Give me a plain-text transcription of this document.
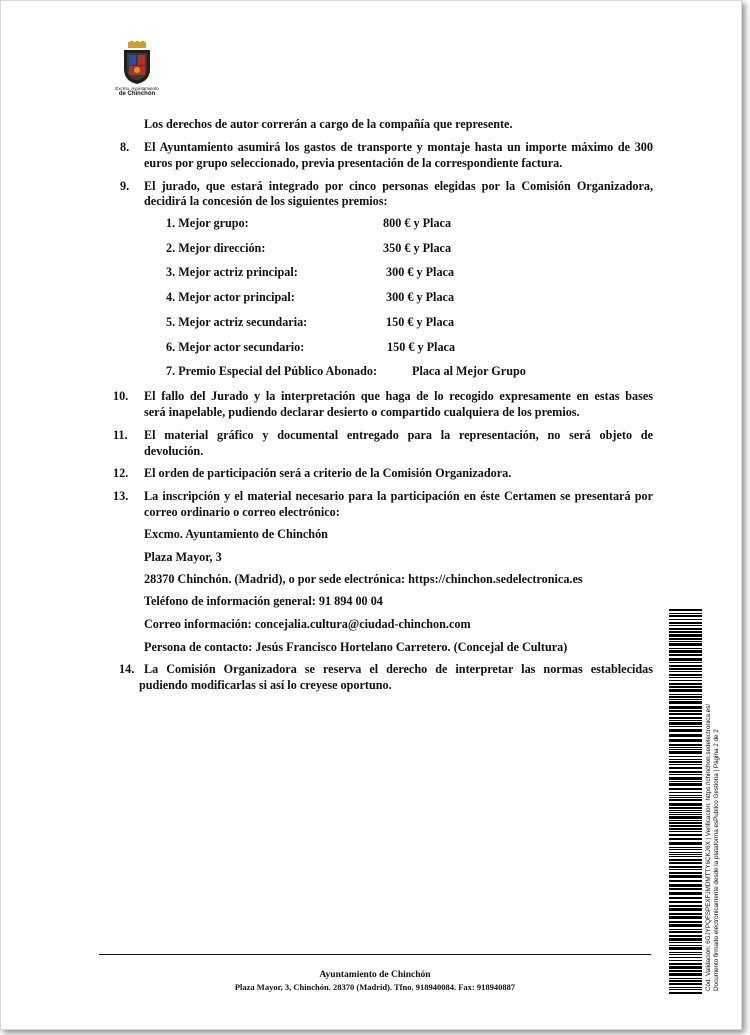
Excmo. Ayuntamiento
de Chinchón
Los derechos de autor correrán a cargo de la compañía que represente.
8. El Ayuntamiento asumirá los gastos de transporte y montaje hasta un importe máximo de 300
euros por grupo seleccionado, previa presentación de la correspondiente factura.
9. El jurado, que estará integrado por cinco personas elegidas por la Comisión Organizadora,
decidirá la concesión de los siguientes premios:
1. Mejor grupo:	800 € y Placa
2. Mejor dirección:	350 € y Placa
3. Mejor actriz principal:	300 € y Placa
4. Mejor actor principal:	300 € y Placa
5. Mejor actriz secundaria:	150 € y Placa
6. Mejor actor secundario:	150 € y Placa
7. Premio Especial del Público Abonado:	Placa al Mejor Grupo
10. El fallo del Jurado y la interpretación que haga de lo recogido expresamente en estas bases
será inapelable, pudiendo declarar desierto o compartido cualquiera de los premios.
11. El material gráfico y documental entregado para la representación, no será objeto de
devolución.
12. El orden de participación será a criterio de la Comisión Organizadora.
13. La inscripción y el material necesario para la participación en éste Certamen se presentará por
correo ordinario o correo electrónico:
Excmo. Ayuntamiento de Chinchón
Plaza Mayor, 3
28370 Chinchón. (Madrid), o por sede electrónica: https://chinchon.sedelectronica.es
Teléfono de información general: 91 894 00 04
Correo información: concejalia.cultura@ciudad-chinchon.com
Persona de contacto: Jesús Francisco Hortelano Carretero. (Concejal de Cultura)
14. La Comisión Organizadora se reserva el derecho de interpretar las normas establecidas
pudiendo modificarlas si así lo creyese oportuno.
Ayuntamiento de Chinchón
Plaza Mayor, 3, Chinchón. 28370 (Madrid). Tfno. 918940084. Fax: 918940887	Cód. Validación: 6GJYPQFSPEXFJMDMTTY6CKJ6X | Verificación: https://chinchon.sedelectronica.es/ Documento firmado electrónicamente desde la plataforma esPublico Gestiona | Página 2 de 2
